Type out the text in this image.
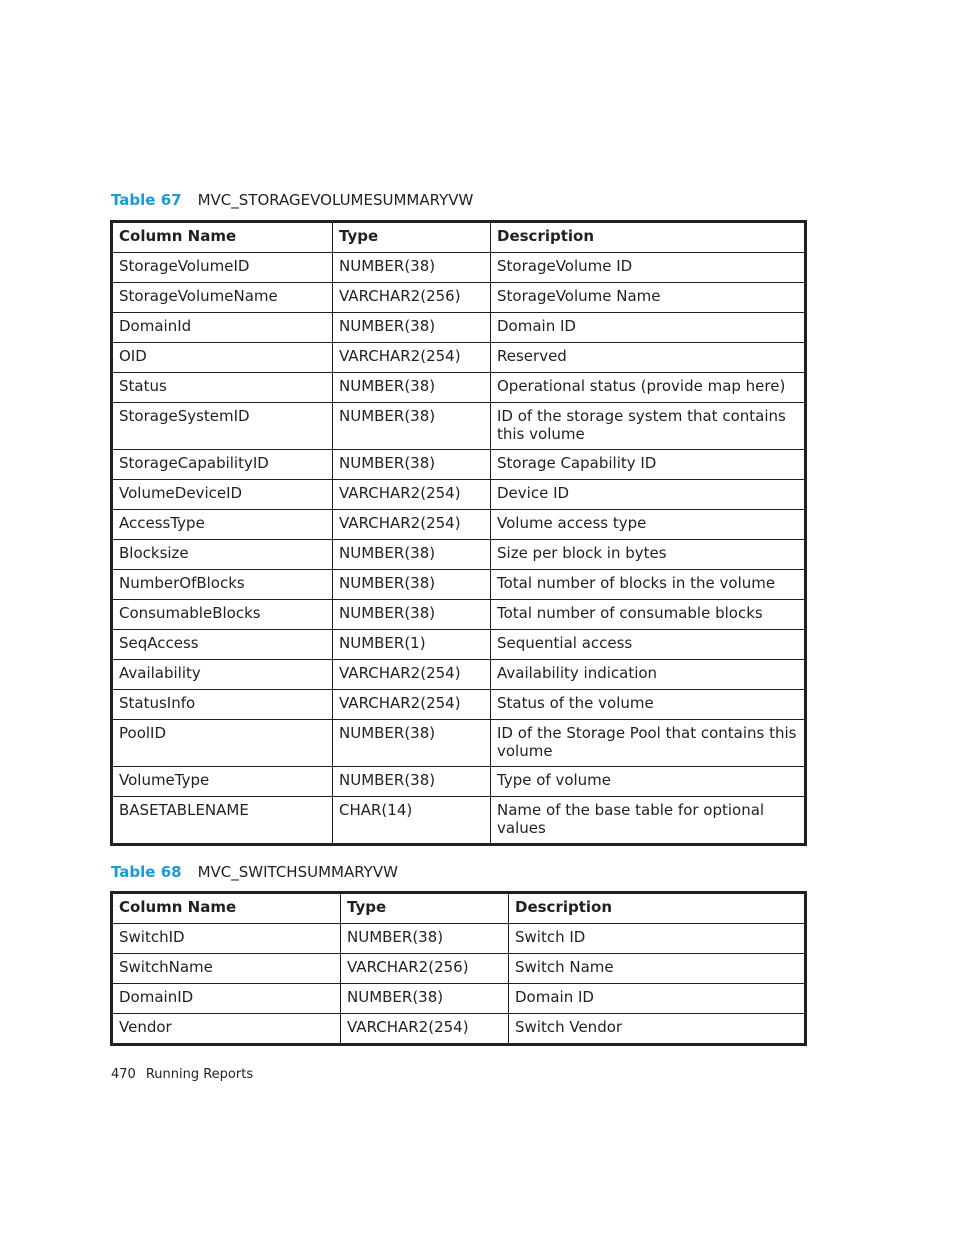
Table 67 MVC_STORAGEVOLUMESUMMARYVW
Column Name	Type	Description
StorageVolumeID	NUMBER(38)	StorageVolume ID
StorageVolumeName	VARCHAR2(256)	StorageVolume Name
DomainId	NUMBER(38)	Domain ID
OID	VARCHAR2(254)	Reserved
Status	NUMBER(38)	Operational status (provide map here)
StorageSystemID	NUMBER(38)	ID of the storage system that contains this volume
StorageCapabilityID	NUMBER(38)	Storage Capability ID
VolumeDeviceID	VARCHAR2(254)	Device ID
AccessType	VARCHAR2(254)	Volume access type
Blocksize	NUMBER(38)	Size per block in bytes
NumberOfBlocks	NUMBER(38)	Total number of blocks in the volume
ConsumableBlocks	NUMBER(38)	Total number of consumable blocks
SeqAccess	NUMBER(1)	Sequential access
Availability	VARCHAR2(254)	Availability indication
StatusInfo	VARCHAR2(254)	Status of the volume
PoolID	NUMBER(38)	ID of the Storage Pool that contains this volume
VolumeType	NUMBER(38)	Type of volume
BASETABLENAME	CHAR(14)	Name of the base table for optional values
Table 68 MVC_SWITCHSUMMARYVW
Column Name	Type	Description
SwitchID	NUMBER(38)	Switch ID
SwitchName	VARCHAR2(256)	Switch Name
DomainID	NUMBER(38)	Domain ID
Vendor	VARCHAR2(254)	Switch Vendor
470 Running Reports
